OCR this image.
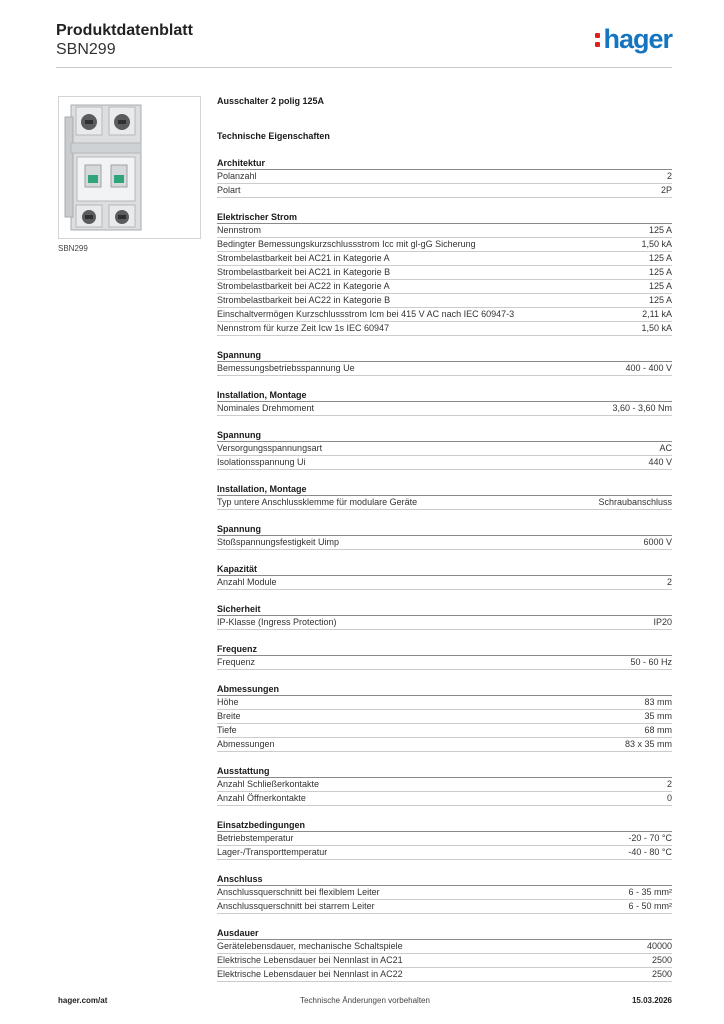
Produktdatenblatt
SBN299	hager
SBN299
Ausschalter 2 polig 125A
Technische Eigenschaften
Architektur
Polanzahl	2
Polart	2P
Elektrischer Strom
Nennstrom	125 A
Bedingter Bemessungskurzschlussstrom Icc mit gl-gG Sicherung	1,50 kA
Strombelastbarkeit bei AC21 in Kategorie A	125 A
Strombelastbarkeit bei AC21 in Kategorie B	125 A
Strombelastbarkeit bei AC22 in Kategorie A	125 A
Strombelastbarkeit bei AC22 in Kategorie B	125 A
Einschaltvermögen Kurzschlussstrom Icm bei 415 V AC nach IEC 60947-3	2,11 kA
Nennstrom für kurze Zeit Icw 1s IEC 60947	1,50 kA
Spannung
Bemessungsbetriebsspannung Ue	400 - 400 V
Installation, Montage
Nominales Drehmoment	3,60 - 3,60 Nm
Spannung
Versorgungsspannungsart	AC
Isolationsspannung Ui	440 V
Installation, Montage
Typ untere Anschlussklemme für modulare Geräte	Schraubanschluss
Spannung
Stoßspannungsfestigkeit Uimp	6000 V
Kapazität
Anzahl Module	2
Sicherheit
IP-Klasse (Ingress Protection)	IP20
Frequenz
Frequenz	50 - 60 Hz
Abmessungen
Höhe	83 mm
Breite	35 mm
Tiefe	68 mm
Abmessungen	83 x 35 mm
Ausstattung
Anzahl Schließerkontakte	2
Anzahl Öffnerkontakte	0
Einsatzbedingungen
Betriebstemperatur	-20 - 70 °C
Lager-/Transporttemperatur	-40 - 80 °C
Anschluss
Anschlussquerschnitt bei flexiblem Leiter	6 - 35 mm²
Anschlussquerschnitt bei starrem Leiter	6 - 50 mm²
Ausdauer
Gerätelebensdauer, mechanische Schaltspiele	40000
Elektrische Lebensdauer bei Nennlast in AC21	2500
Elektrische Lebensdauer bei Nennlast in AC22	2500
hager.com/at	Technische Änderungen vorbehalten	15.03.2026
